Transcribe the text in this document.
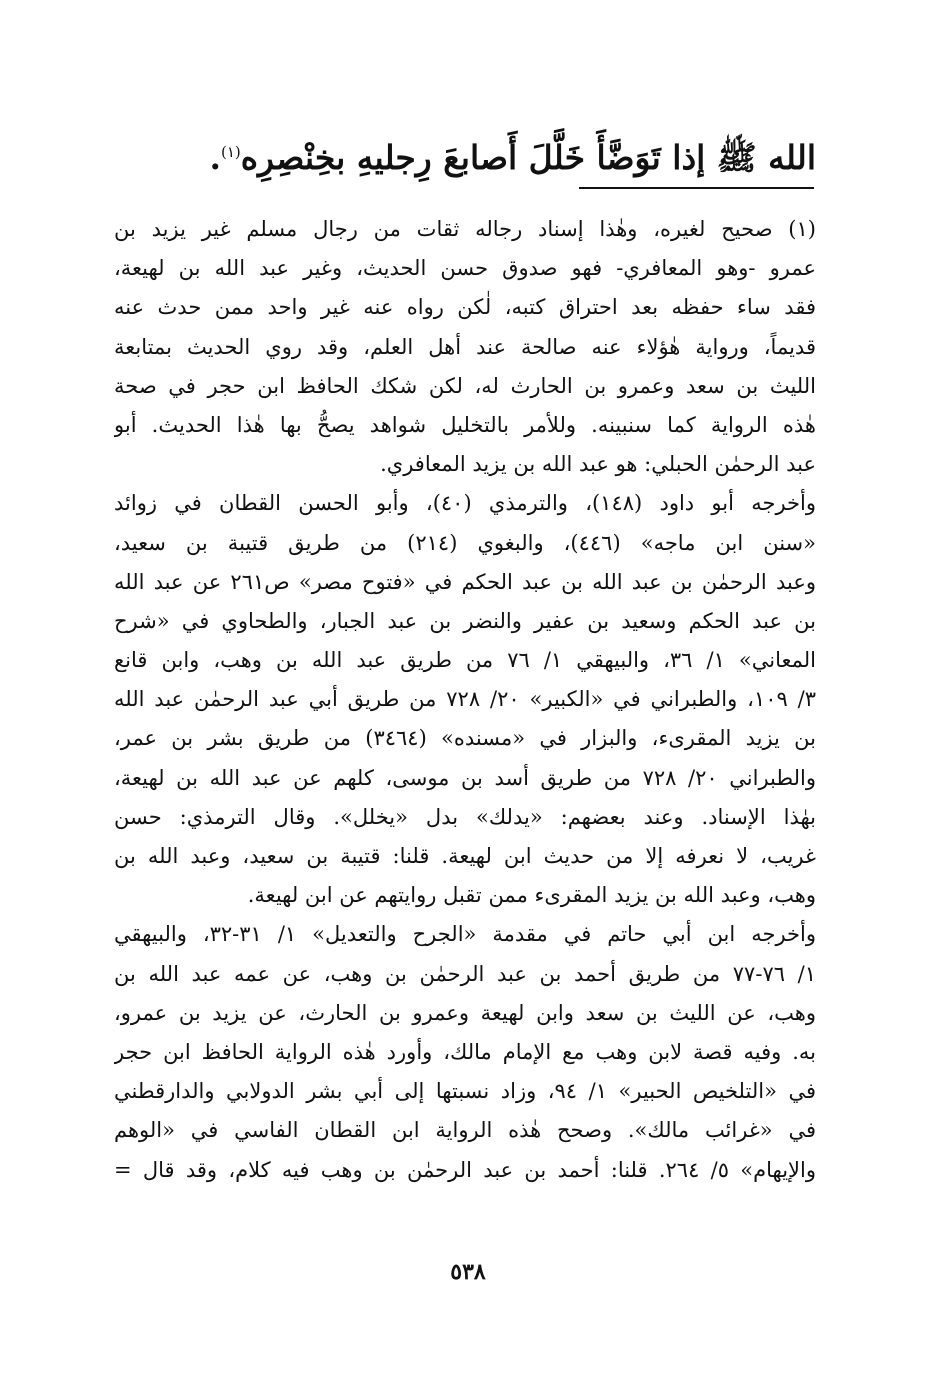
الله ﷺ إذا تَوَضَّأَ خَلَّلَ أَصابعَ رِجليهِ بخِنْصِرِه$^{(١)}$.
(١) صحيح لغيره، وهٰذا إسناد رجاله ثقات من رجال مسلم غير يزيد بن
عمرو -وهو المعافري- فهو صدوق حسن الحديث، وغير عبد الله بن لهيعة،
فقد ساء حفظه بعد احتراق كتبه، لٰكن رواه عنه غير واحد ممن حدث عنه
قديماً، ورواية هٰؤلاء عنه صالحة عند أهل العلم، وقد روي الحديث بمتابعة
الليث بن سعد وعمرو بن الحارث له، لكن شكك الحافظ ابن حجر في صحة
هٰذه الرواية كما سنبينه. وللأمر بالتخليل شواهد يصحُّ بها هٰذا الحديث. أبو
عبد الرحمٰن الحبلي: هو عبد الله بن يزيد المعافري.
وأخرجه أبو داود (١٤٨)، والترمذي (٤٠)، وأبو الحسن القطان في زوائد
«سنن ابن ماجه» (٤٤٦)، والبغوي (٢١٤) من طريق قتيبة بن سعيد،
وعبد الرحمٰن بن عبد الله بن عبد الحكم في «فتوح مصر» ص٢٦١ عن عبد الله
بن عبد الحكم وسعيد بن عفير والنضر بن عبد الجبار، والطحاوي في «شرح
المعاني» ١/ ٣٦، والبيهقي ١/ ٧٦ من طريق عبد الله بن وهب، وابن قانع
٣/ ١٠٩، والطبراني في «الكبير» ٢٠/ ٧٢٨ من طريق أبي عبد الرحمٰن عبد الله
بن يزيد المقرىء، والبزار في «مسنده» (٣٤٦٤) من طريق بشر بن عمر،
والطبراني ٢٠/ ٧٢٨ من طريق أسد بن موسى، كلهم عن عبد الله بن لهيعة،
بهٰذا الإسناد. وعند بعضهم: «يدلك» بدل «يخلل». وقال الترمذي: حسن
غريب، لا نعرفه إلا من حديث ابن لهيعة. قلنا: قتيبة بن سعيد، وعبد الله بن
وهب، وعبد الله بن يزيد المقرىء ممن تقبل روايتهم عن ابن لهيعة.
وأخرجه ابن أبي حاتم في مقدمة «الجرح والتعديل» ١/ ٣١-٣٢، والبيهقي
١/ ٧٦-٧٧ من طريق أحمد بن عبد الرحمٰن بن وهب، عن عمه عبد الله بن
وهب، عن الليث بن سعد وابن لهيعة وعمرو بن الحارث، عن يزيد بن عمرو،
به. وفيه قصة لابن وهب مع الإمام مالك، وأورد هٰذه الرواية الحافظ ابن حجر
في «التلخيص الحبير» ١/ ٩٤، وزاد نسبتها إلى أبي بشر الدولابي والدارقطني
في «غرائب مالك». وصحح هٰذه الرواية ابن القطان الفاسي في «الوهم
والإيهام» ٥/ ٢٦٤. قلنا: أحمد بن عبد الرحمٰن بن وهب فيه كلام، وقد قال =
٥٣٨
